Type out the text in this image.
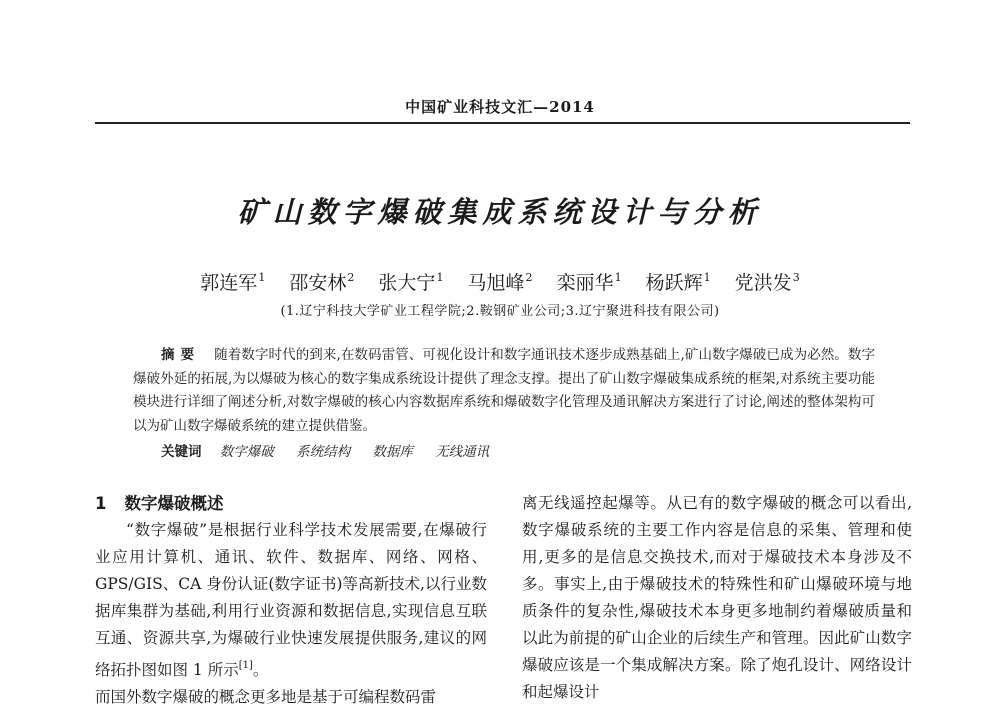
中国矿业科技文汇—2014
矿山数字爆破集成系统设计与分析
郭连军$^1$ 邵安林$^2$ 张大宁$^1$ 马旭峰$^2$ 栾丽华$^1$ 杨跃辉$^1$ 党洪发$^3$
(1.辽宁科技大学矿业工程学院;2.鞍钢矿业公司;3.辽宁聚进科技有限公司)
摘要 随着数字时代的到来,在数码雷管、可视化设计和数字通讯技术逐步成熟基础上,矿山数字爆破已成为必然。数字爆破外延的拓展,为以爆破为核心的数字集成系统设计提供了理念支撑。提出了矿山数字爆破集成系统的框架,对系统主要功能模块进行详细了阐述分析,对数字爆破的核心内容数据库系统和爆破数字化管理及通讯解决方案进行了讨论,阐述的整体架构可以为矿山数字爆破系统的建立提供借鉴。
关键词 数字爆破 系统结构 数据库 无线通讯
1 数字爆破概述

“数字爆破”是根据行业科学技术发展需要,在爆破行业应用计算机、通讯、软件、数据库、网络、网格、GPS/GIS、CA 身份认证(数字证书)等高新技术,以行业数据库集群为基础,利用行业资源和数据信息,实现信息互联互通、资源共享,为爆破行业快速发展提供服务,建议的网络拓扑图如图 1 所示[1]。

而国外数字爆破的概念更多地是基于可编程数码雷

离无线遥控起爆等。从已有的数字爆破的概念可以看出,数字爆破系统的主要工作内容是信息的采集、管理和使用,更多的是信息交换技术,而对于爆破技术本身涉及不多。事实上,由于爆破技术的特殊性和矿山爆破环境与地质条件的复杂性,爆破技术本身更多地制约着爆破质量和以此为前提的矿山企业的后续生产和管理。因此矿山数字爆破应该是一个集成解决方案。除了炮孔设计、网络设计和起爆设计
